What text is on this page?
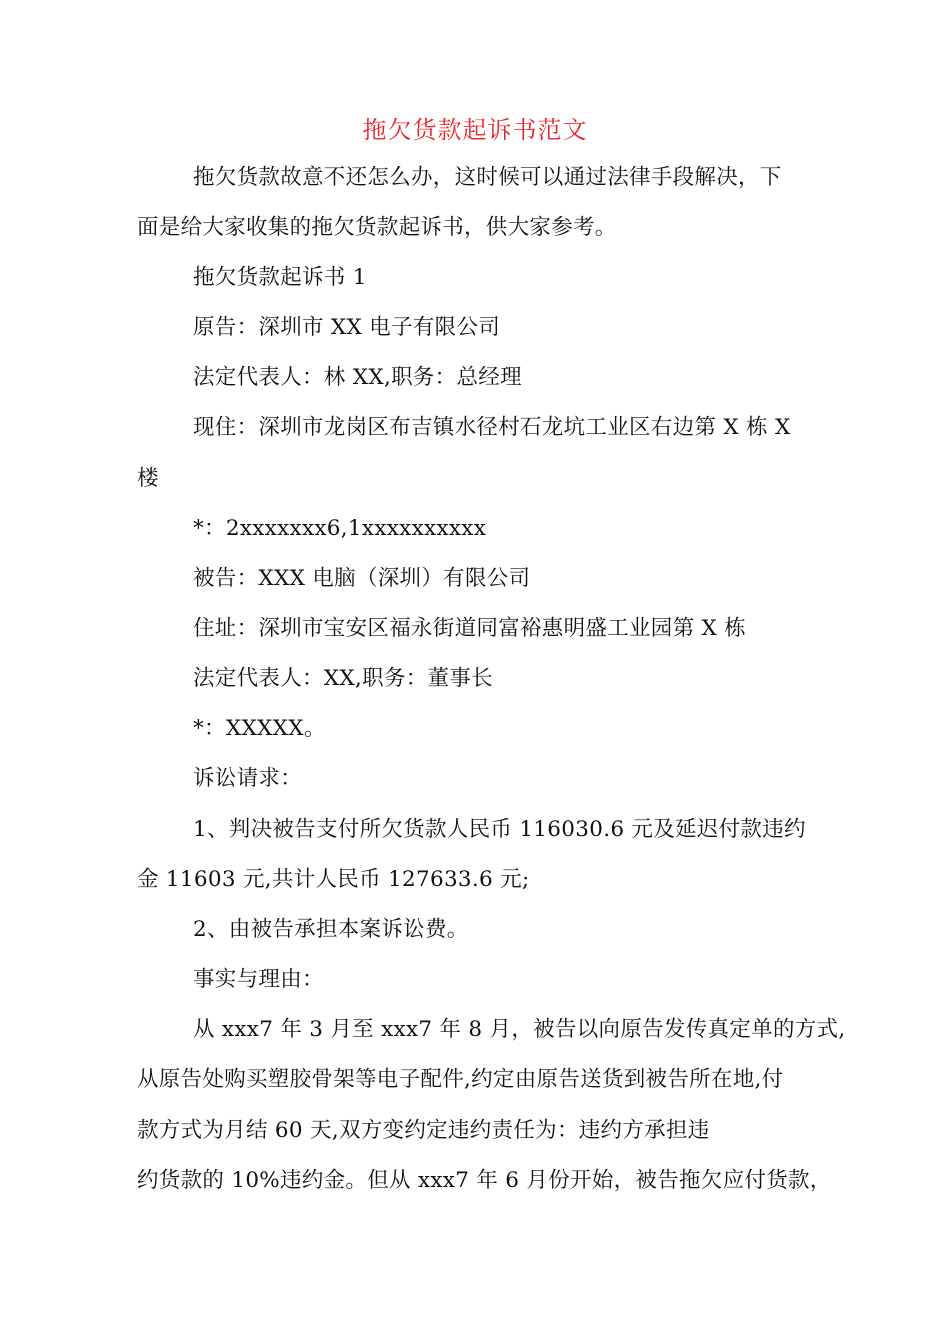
拖欠货款起诉书范文
拖欠货款故意不还怎么办，这时候可以通过法律手段解决，下
面是给大家收集的拖欠货款起诉书，供大家参考。
拖欠货款起诉书 1
原告：深圳市 XX 电子有限公司
法定代表人：林 XX,职务：总经理
现住：深圳市龙岗区布吉镇水径村石龙坑工业区右边第 X 栋 X
楼
*：2xxxxxxx6,1xxxxxxxxxx
被告：XXX 电脑（深圳）有限公司
住址：深圳市宝安区福永街道同富裕惠明盛工业园第 X 栋
法定代表人：XX,职务：董事长
*：XXXXX。
诉讼请求：
1、判决被告支付所欠货款人民币 116030.6 元及延迟付款违约
金 11603 元,共计人民币 127633.6 元;
2、由被告承担本案诉讼费。
事实与理由：
从 xxx7 年 3 月至 xxx7 年 8 月，被告以向原告发传真定单的方式,
从原告处购买塑胶骨架等电子配件,约定由原告送货到被告所在地,付
款方式为月结 60 天,双方变约定违约责任为：违约方承担违
约货款的 10%违约金。但从 xxx7 年 6 月份开始，被告拖欠应付货款，
